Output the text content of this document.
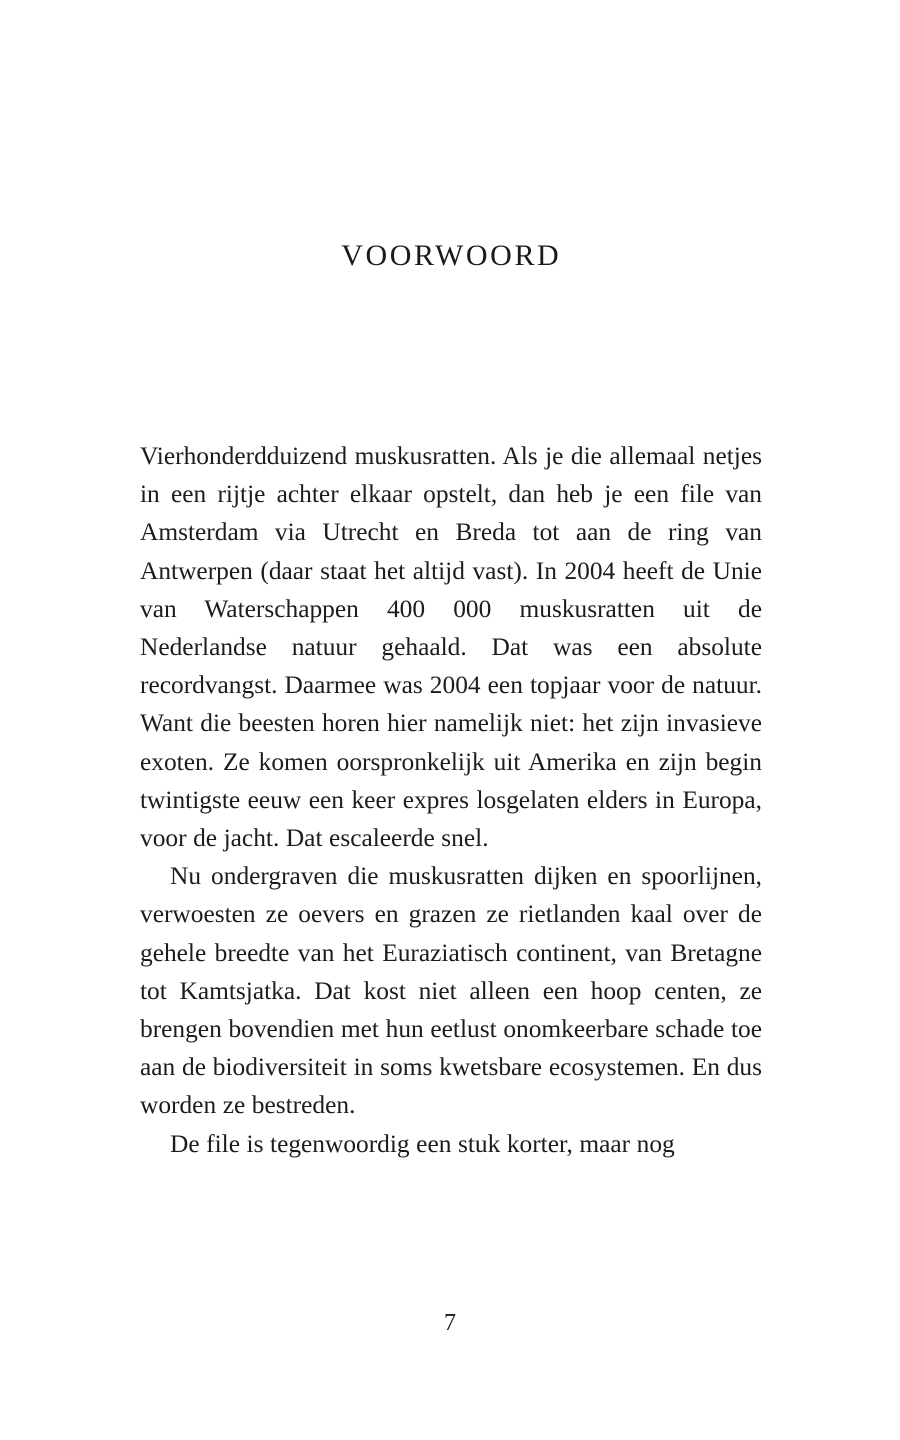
VOORWOORD

Vierhonderdduizend muskusratten. Als je die allemaal netjes in een rijtje achter elkaar opstelt, dan heb je een file van Amsterdam via Utrecht en Breda tot aan de ring van Antwerpen (daar staat het altijd vast). In 2004 heeft de Unie van Waterschappen 400 000 muskusratten uit de Nederlandse natuur gehaald. Dat was een absolute recordvangst. Daarmee was 2004 een topjaar voor de natuur. Want die beesten horen hier namelijk niet: het zijn invasieve exoten. Ze komen oorspronkelijk uit Amerika en zijn begin twintigste eeuw een keer expres losgelaten elders in Europa, voor de jacht. Dat escaleerde snel.

Nu ondergraven die muskusratten dijken en spoorlijnen, verwoesten ze oevers en grazen ze rietlanden kaal over de gehele breedte van het Euraziatisch continent, van Bretagne tot Kamtsjatka. Dat kost niet alleen een hoop centen, ze brengen bovendien met hun eetlust onomkeerbare schade toe aan de biodiversiteit in soms kwetsbare ecosystemen. En dus worden ze bestreden.

De file is tegenwoordig een stuk korter, maar nog

7
